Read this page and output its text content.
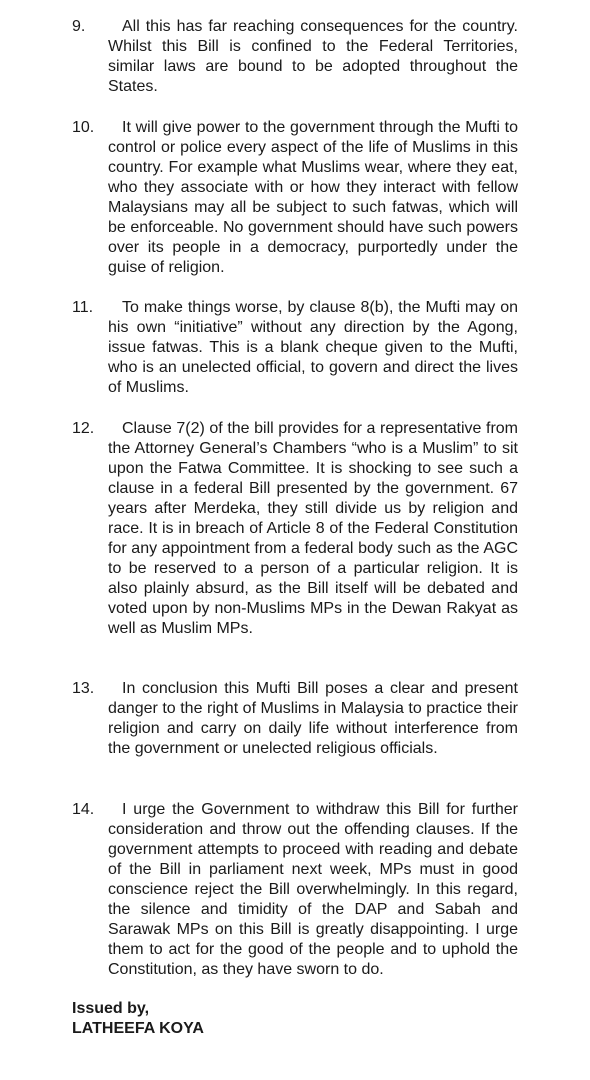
9.	All this has far reaching consequences for the country. Whilst this Bill is confined to the Federal Territories, similar laws are bound to be adopted throughout the States.
10.	It will give power to the government through the Mufti to control or police every aspect of the life of Muslims in this country. For example what Muslims wear, where they eat, who they associate with or how they interact with fellow Malaysians may all be subject to such fatwas, which will be enforceable. No government should have such powers over its people in a democracy, purportedly under the guise of religion.
11.	To make things worse, by clause 8(b), the Mufti may on his own “initiative” without any direction by the Agong, issue fatwas. This is a blank cheque given to the Mufti, who is an unelected official, to govern and direct the lives of Muslims.
12.	Clause 7(2) of the bill provides for a representative from the Attorney General’s Chambers “who is a Muslim” to sit upon the Fatwa Committee. It is shocking to see such a clause in a federal Bill presented by the government. 67 years after Merdeka, they still divide us by religion and race. It is in breach of Article 8 of the Federal Constitution for any appointment from a federal body such as the AGC to be reserved to a person of a particular religion. It is also plainly absurd, as the Bill itself will be debated and voted upon by non-Muslims MPs in the Dewan Rakyat as well as Muslim MPs.
13.	In conclusion this Mufti Bill poses a clear and present danger to the right of Muslims in Malaysia to practice their religion and carry on daily life without interference from the government or unelected religious officials.
14.	I urge the Government to withdraw this Bill for further consideration and throw out the offending clauses. If the government attempts to proceed with reading and debate of the Bill in parliament next week, MPs must in good conscience reject the Bill overwhelmingly. In this regard, the silence and timidity of the DAP and Sabah and Sarawak MPs on this Bill is greatly disappointing. I urge them to act for the good of the people and to uphold the Constitution, as they have sworn to do.
Issued by,
LATHEEFA KOYA
